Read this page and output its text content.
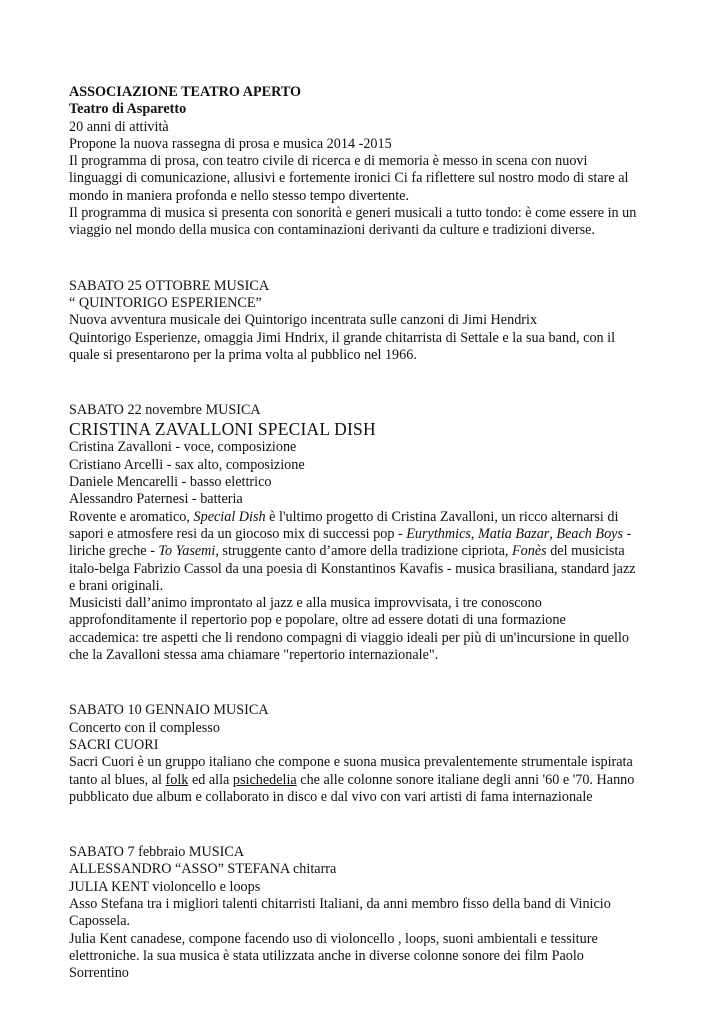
ASSOCIAZIONE TEATRO APERTO
Teatro di Asparetto
20 anni di attività
Propone la nuova rassegna di prosa e musica 2014 -2015
Il programma di prosa, con teatro civile di ricerca e di memoria è messo in scena con nuovi
linguaggi di comunicazione, allusivi e fortemente ironici Ci fa riflettere sul nostro modo di stare al
mondo in maniera profonda e nello stesso tempo divertente.
Il programma di musica si presenta con sonorità e generi musicali a tutto tondo: è come essere in un
viaggio nel mondo della musica con contaminazioni derivanti da culture e tradizioni diverse.
SABATO 25 OTTOBRE MUSICA
“ QUINTORIGO ESPERIENCE”
Nuova avventura musicale dei Quintorigo incentrata sulle canzoni di Jimi Hendrix
Quintorigo Esperienze, omaggia Jimi Hndrix, il grande chitarrista di Settale e la sua band, con il
quale si presentarono per la prima volta al pubblico nel 1966.
SABATO 22 novembre MUSICA
CRISTINA ZAVALLONI SPECIAL DISH
Cristina Zavalloni - voce, composizione
Cristiano Arcelli - sax alto, composizione
Daniele Mencarelli - basso elettrico
Alessandro Paternesi - batteria
Rovente e aromatico, Special Dish è l'ultimo progetto di Cristina Zavalloni, un ricco alternarsi di
sapori e atmosfere resi da un giocoso mix di successi pop - Eurythmics, Matia Bazar, Beach Boys -
liriche greche - To Yasemi, struggente canto d’amore della tradizione cipriota, Fonès del musicista
italo-belga Fabrizio Cassol da una poesia di Konstantinos Kavafis - musica brasiliana, standard jazz
e brani originali.
Musicisti dall’animo improntato al jazz e alla musica improvvisata, i tre conoscono
approfonditamente il repertorio pop e popolare, oltre ad essere dotati di una formazione
accademica: tre aspetti che li rendono compagni di viaggio ideali per più di un'incursione in quello
che la Zavalloni stessa ama chiamare "repertorio internazionale".
SABATO 10 GENNAIO MUSICA
Concerto con il complesso
SACRI CUORI
Sacri Cuori è un gruppo italiano che compone e suona musica prevalentemente strumentale ispirata
tanto al blues, al folk ed alla psichedelia che alle colonne sonore italiane degli anni '60 e '70. Hanno
pubblicato due album e collaborato in disco e dal vivo con vari artisti di fama internazionale
SABATO 7 febbraio MUSICA
ALLESSANDRO “ASSO” STEFANA chitarra
JULIA KENT violoncello e loops
Asso Stefana tra i migliori talenti chitarristi Italiani, da anni membro fisso della band di Vinicio
Capossela.
Julia Kent canadese, compone facendo uso di violoncello , loops, suoni ambientali e tessiture
elettroniche. la sua musica è stata utilizzata anche in diverse colonne sonore dei film Paolo
Sorrentino
